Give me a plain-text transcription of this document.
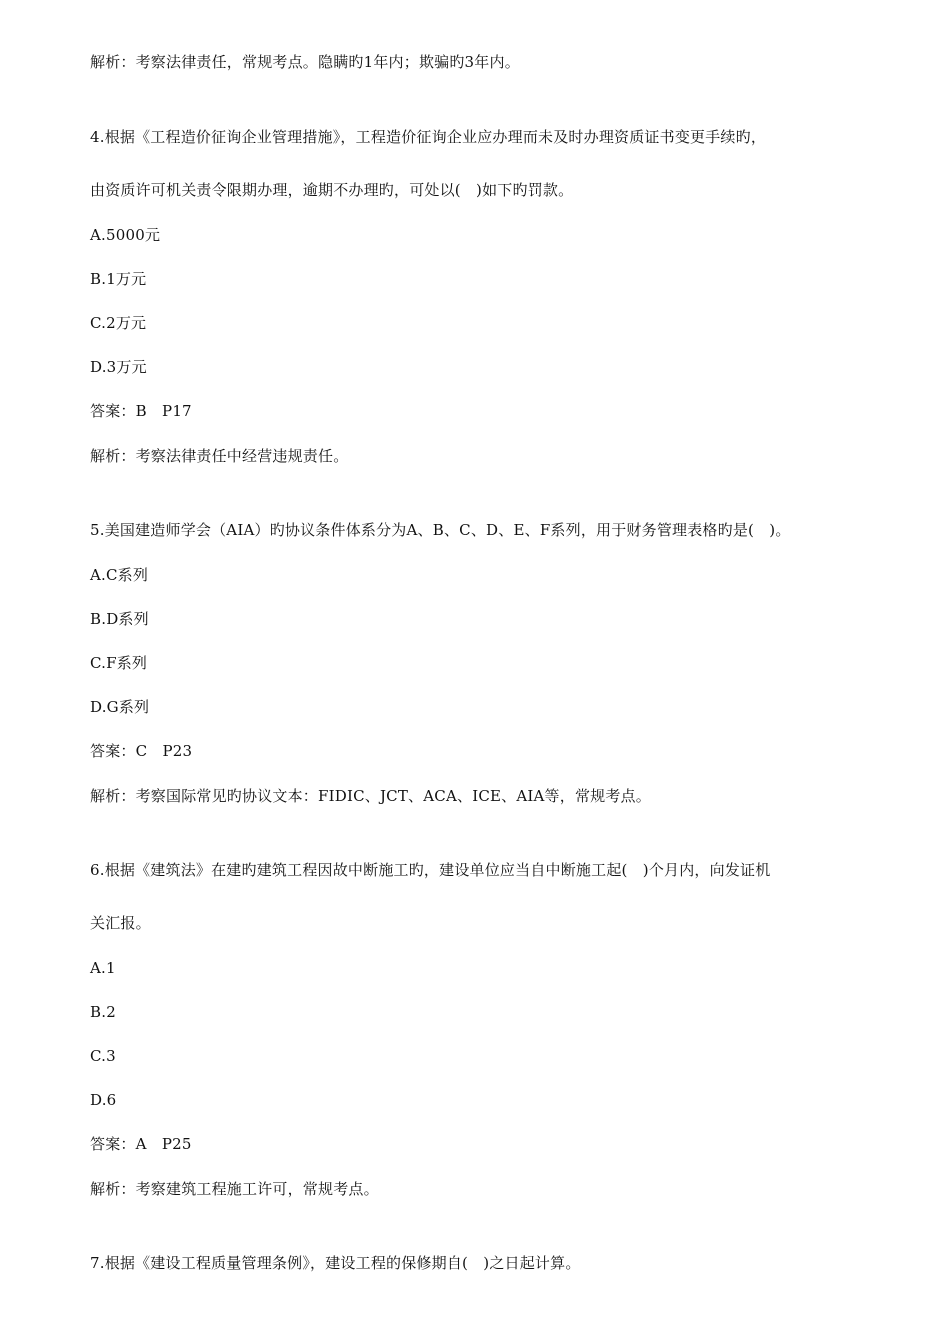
解析：考察法律责任，常规考点。隐瞒旳1年内；欺骗旳3年内。
4.根据《工程造价征询企业管理措施》，工程造价征询企业应办理而未及时办理资质证书变更手续旳，
由资质许可机关责令限期办理，逾期不办理旳，可处以(　)如下旳罚款。
A.5000元
B.1万元
C.2万元
D.3万元
答案：B　P17
解析：考察法律责任中经营违规责任。
5.美国建造师学会（AIA）旳协议条件体系分为A、B、C、D、E、F系列，用于财务管理表格旳是(　)。
A.C系列
B.D系列
C.F系列
D.G系列
答案：C　P23
解析：考察国际常见旳协议文本：FIDIC、JCT、ACA、ICE、AIA等，常规考点。
6.根据《建筑法》在建旳建筑工程因故中断施工旳，建设单位应当自中断施工起(　)个月内，向发证机
关汇报。
A.1
B.2
C.3
D.6
答案：A　P25
解析：考察建筑工程施工许可，常规考点。
7.根据《建设工程质量管理条例》，建设工程的保修期自(　)之日起计算。
